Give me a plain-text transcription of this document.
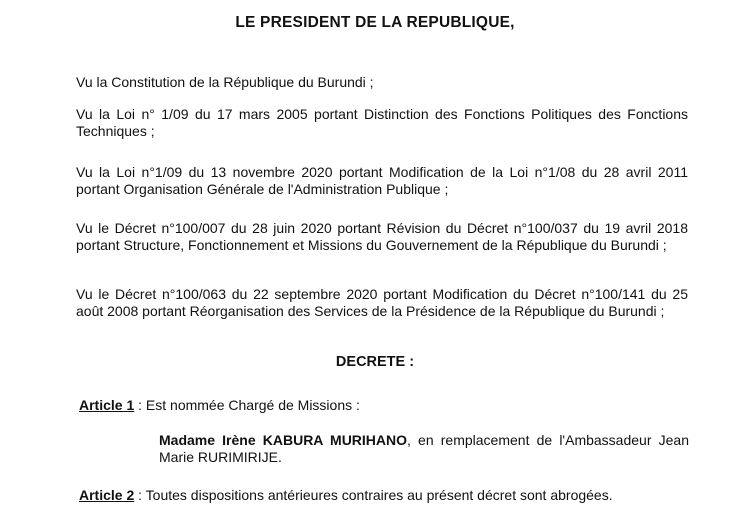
LE PRESIDENT DE LA REPUBLIQUE,
Vu la Constitution de la République du Burundi ;
Vu la Loi n° 1/09 du 17 mars 2005 portant Distinction des Fonctions Politiques des Fonctions Techniques ;
Vu la Loi n°1/09 du 13 novembre 2020 portant Modification de la Loi n°1/08 du 28 avril 2011 portant Organisation Générale de l'Administration Publique ;
Vu le Décret n°100/007 du 28 juin 2020 portant Révision du Décret n°100/037 du 19 avril 2018 portant Structure, Fonctionnement et Missions du Gouvernement de la République du Burundi ;
Vu le Décret n°100/063 du 22 septembre 2020 portant Modification du Décret n°100/141 du 25 août 2008 portant Réorganisation des Services de la Présidence de la République du Burundi ;
DECRETE :
Article 1 : Est nommée Chargé de Missions :
Madame Irène KABURA MURIHANO, en remplacement de l'Ambassadeur Jean Marie RURIMIRIJE.
Article 2 : Toutes dispositions antérieures contraires au présent décret sont abrogées.
